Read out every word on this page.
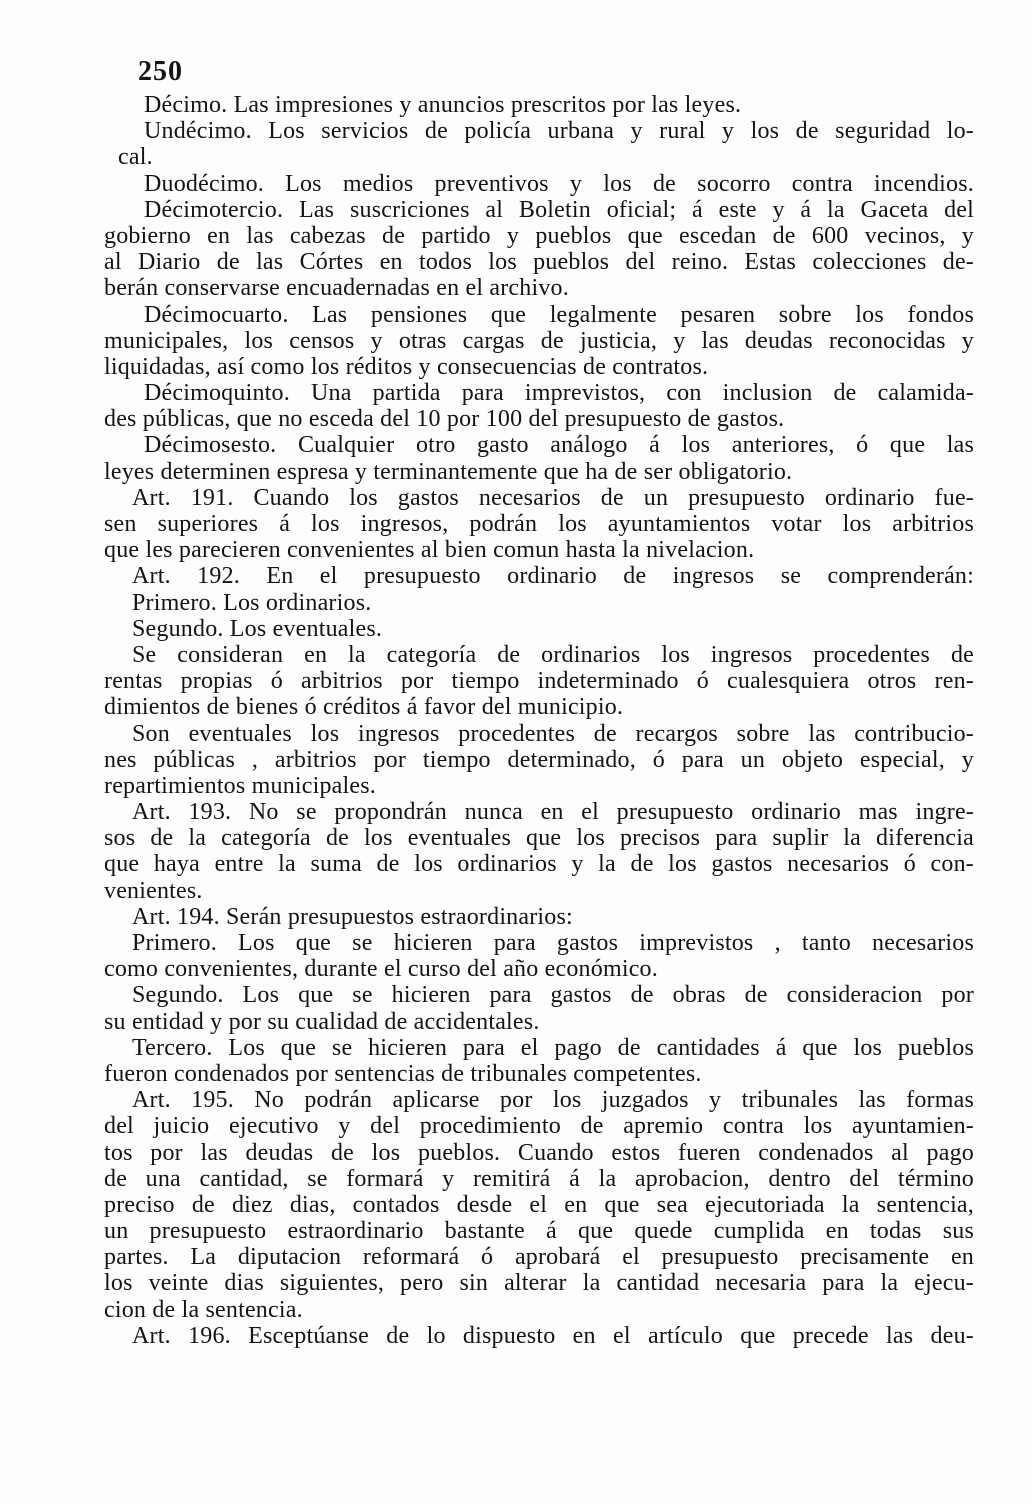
250
Décimo. Las impresiones y anuncios prescritos por las leyes.
Undécimo. Los servicios de policía urbana y rural y los de seguridad lo-
cal.
Duodécimo. Los medios preventivos y los de socorro contra incendios.
Décimotercio. Las suscriciones al Boletin oficial; á este y á la Gaceta del
gobierno en las cabezas de partido y pueblos que escedan de 600 vecinos, y
al Diario de las Córtes en todos los pueblos del reino. Estas colecciones de-
berán conservarse encuadernadas en el archivo.
Décimocuarto. Las pensiones que legalmente pesaren sobre los fondos
municipales, los censos y otras cargas de justicia, y las deudas reconocidas y
liquidadas, así como los réditos y consecuencias de contratos.
Décimoquinto. Una partida para imprevistos, con inclusion de calamida-
des públicas, que no esceda del 10 por 100 del presupuesto de gastos.
Décimosesto. Cualquier otro gasto análogo á los anteriores, ó que las
leyes determinen espresa y terminantemente que ha de ser obligatorio.
Art. 191. Cuando los gastos necesarios de un presupuesto ordinario fue-
sen superiores á los ingresos, podrán los ayuntamientos votar los arbitrios
que les parecieren convenientes al bien comun hasta la nivelacion.
Art. 192. En el presupuesto ordinario de ingresos se comprenderán:
Primero. Los ordinarios.
Segundo. Los eventuales.
Se consideran en la categoría de ordinarios los ingresos procedentes de
rentas propias ó arbitrios por tiempo indeterminado ó cualesquiera otros ren-
dimientos de bienes ó créditos á favor del municipio.
Son eventuales los ingresos procedentes de recargos sobre las contribucio-
nes públicas , arbitrios por tiempo determinado, ó para un objeto especial, y
repartimientos municipales.
Art. 193. No se propondrán nunca en el presupuesto ordinario mas ingre-
sos de la categoría de los eventuales que los precisos para suplir la diferencia
que haya entre la suma de los ordinarios y la de los gastos necesarios ó con-
venientes.
Art. 194. Serán presupuestos estraordinarios:
Primero. Los que se hicieren para gastos imprevistos , tanto necesarios
como convenientes, durante el curso del año económico.
Segundo. Los que se hicieren para gastos de obras de consideracion por
su entidad y por su cualidad de accidentales.
Tercero. Los que se hicieren para el pago de cantidades á que los pueblos
fueron condenados por sentencias de tribunales competentes.
Art. 195. No podrán aplicarse por los juzgados y tribunales las formas
del juicio ejecutivo y del procedimiento de apremio contra los ayuntamien-
tos por las deudas de los pueblos. Cuando estos fueren condenados al pago
de una cantidad, se formará y remitirá á la aprobacion, dentro del término
preciso de diez dias, contados desde el en que sea ejecutoriada la sentencia,
un presupuesto estraordinario bastante á que quede cumplida en todas sus
partes. La diputacion reformará ó aprobará el presupuesto precisamente en
los veinte dias siguientes, pero sin alterar la cantidad necesaria para la ejecu-
cion de la sentencia.
Art. 196. Esceptúanse de lo dispuesto en el artículo que precede las deu-
